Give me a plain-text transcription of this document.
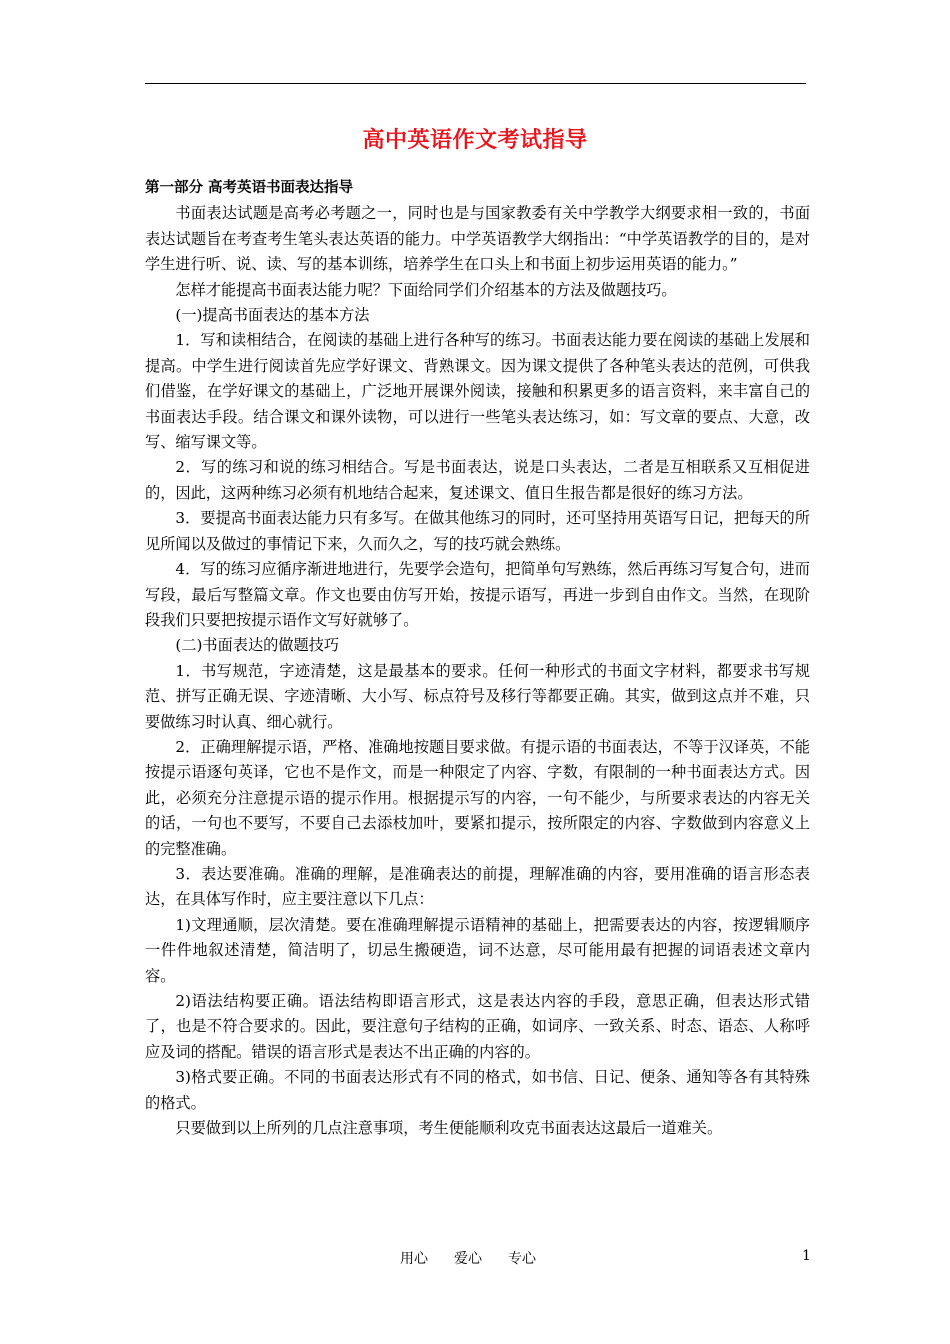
高中英语作文考试指导
第一部分 高考英语书面表达指导

书面表达试题是高考必考题之一，同时也是与国家教委有关中学教学大纲要求相一致的，书面表达试题旨在考查考生笔头表达英语的能力。中学英语教学大纲指出：“中学英语教学的目的，是对学生进行听、说、读、写的基本训练，培养学生在口头上和书面上初步运用英语的能力。”

怎样才能提高书面表达能力呢？下面给同学们介绍基本的方法及做题技巧。

(一)提高书面表达的基本方法

1．写和读相结合，在阅读的基础上进行各种写的练习。书面表达能力要在阅读的基础上发展和提高。中学生进行阅读首先应学好课文、背熟课文。因为课文提供了各种笔头表达的范例，可供我们借鉴，在学好课文的基础上，广泛地开展课外阅读，接触和积累更多的语言资料，来丰富自己的书面表达手段。结合课文和课外读物，可以进行一些笔头表达练习，如：写文章的要点、大意，改写、缩写课文等。

2．写的练习和说的练习相结合。写是书面表达，说是口头表达，二者是互相联系又互相促进的，因此，这两种练习必须有机地结合起来，复述课文、值日生报告都是很好的练习方法。

3．要提高书面表达能力只有多写。在做其他练习的同时，还可坚持用英语写日记，把每天的所见所闻以及做过的事情记下来，久而久之，写的技巧就会熟练。

4．写的练习应循序渐进地进行，先要学会造句，把简单句写熟练，然后再练习写复合句，进而写段，最后写整篇文章。作文也要由仿写开始，按提示语写，再进一步到自由作文。当然，在现阶段我们只要把按提示语作文写好就够了。

(二)书面表达的做题技巧

1．书写规范，字迹清楚，这是最基本的要求。任何一种形式的书面文字材料，都要求书写规范、拼写正确无误、字迹清晰、大小写、标点符号及移行等都要正确。其实，做到这点并不难，只要做练习时认真、细心就行。

2．正确理解提示语，严格、准确地按题目要求做。有提示语的书面表达，不等于汉译英，不能按提示语逐句英译，它也不是作文，而是一种限定了内容、字数，有限制的一种书面表达方式。因此，必须充分注意提示语的提示作用。根据提示写的内容，一句不能少，与所要求表达的内容无关的话，一句也不要写，不要自己去添枝加叶，要紧扣提示，按所限定的内容、字数做到内容意义上的完整准确。

3．表达要准确。准确的理解，是准确表达的前提，理解准确的内容，要用准确的语言形态表达，在具体写作时，应主要注意以下几点：

1)文理通顺，层次清楚。要在准确理解提示语精神的基础上，把需要表达的内容，按逻辑顺序一件件地叙述清楚，简洁明了，切忌生搬硬造，词不达意，尽可能用最有把握的词语表述文章内容。

2)语法结构要正确。语法结构即语言形式，这是表达内容的手段，意思正确，但表达形式错了，也是不符合要求的。因此，要注意句子结构的正确，如词序、一致关系、时态、语态、人称呼应及词的搭配。错误的语言形式是表达不出正确的内容的。

3)格式要正确。不同的书面表达形式有不同的格式，如书信、日记、便条、通知等各有其特殊的格式。

只要做到以上所列的几点注意事项，考生便能顺利攻克书面表达这最后一道难关。

用心 爱心 专心	1
